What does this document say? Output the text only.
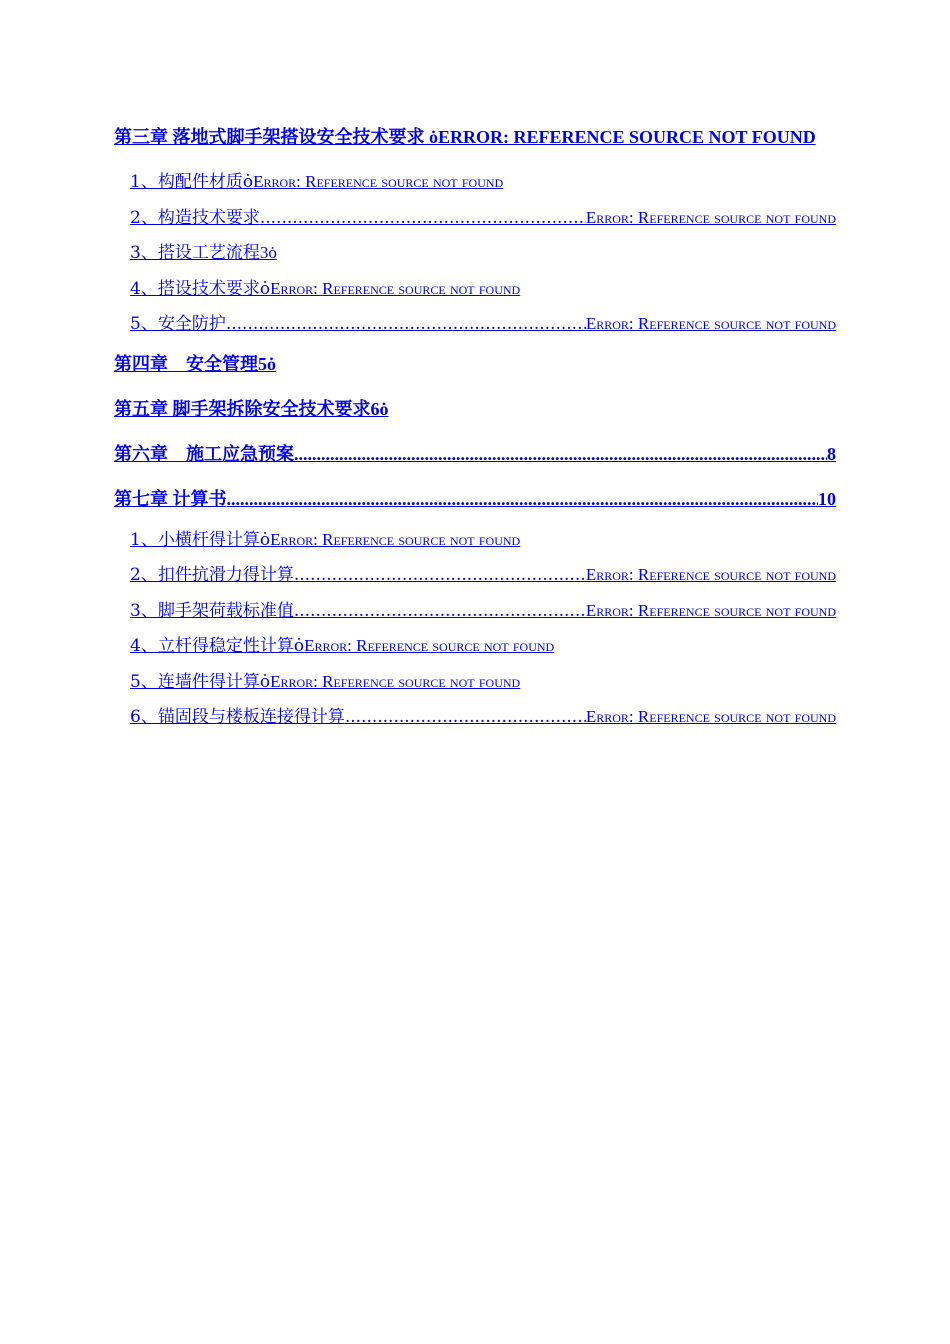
第三章 落地式脚手架搭设安全技术要求 ȯERROR: REFERENCE SOURCE NOT FOUND
1、构配件材质 ȯ Error: Reference source not found
2、构造技术要求 .....	Error: Reference source not found
3、搭设工艺流程 3ȯ
4、搭设技术要求 ȯ Error: Reference source not found
5、安全防护 .....	Error: Reference source not found
第四章　安全管理 5ȯ
第五章 脚手架拆除安全技术要求 6ȯ
第六章　施工应急预案 .....	8
第七章 计算书 .....	10
1、小横杆得计算 ȯ Error: Reference source not found
2、扣件抗滑力得计算 .....	Error: Reference source not found
3、脚手架荷载标准值 .....	Error: Reference source not found
4、立杆得稳定性计算 ȯ Error: Reference source not found
5、连墙件得计算 ȯ Error: Reference source not found
6、锚固段与楼板连接得计算 .....	Error: Reference source not found
